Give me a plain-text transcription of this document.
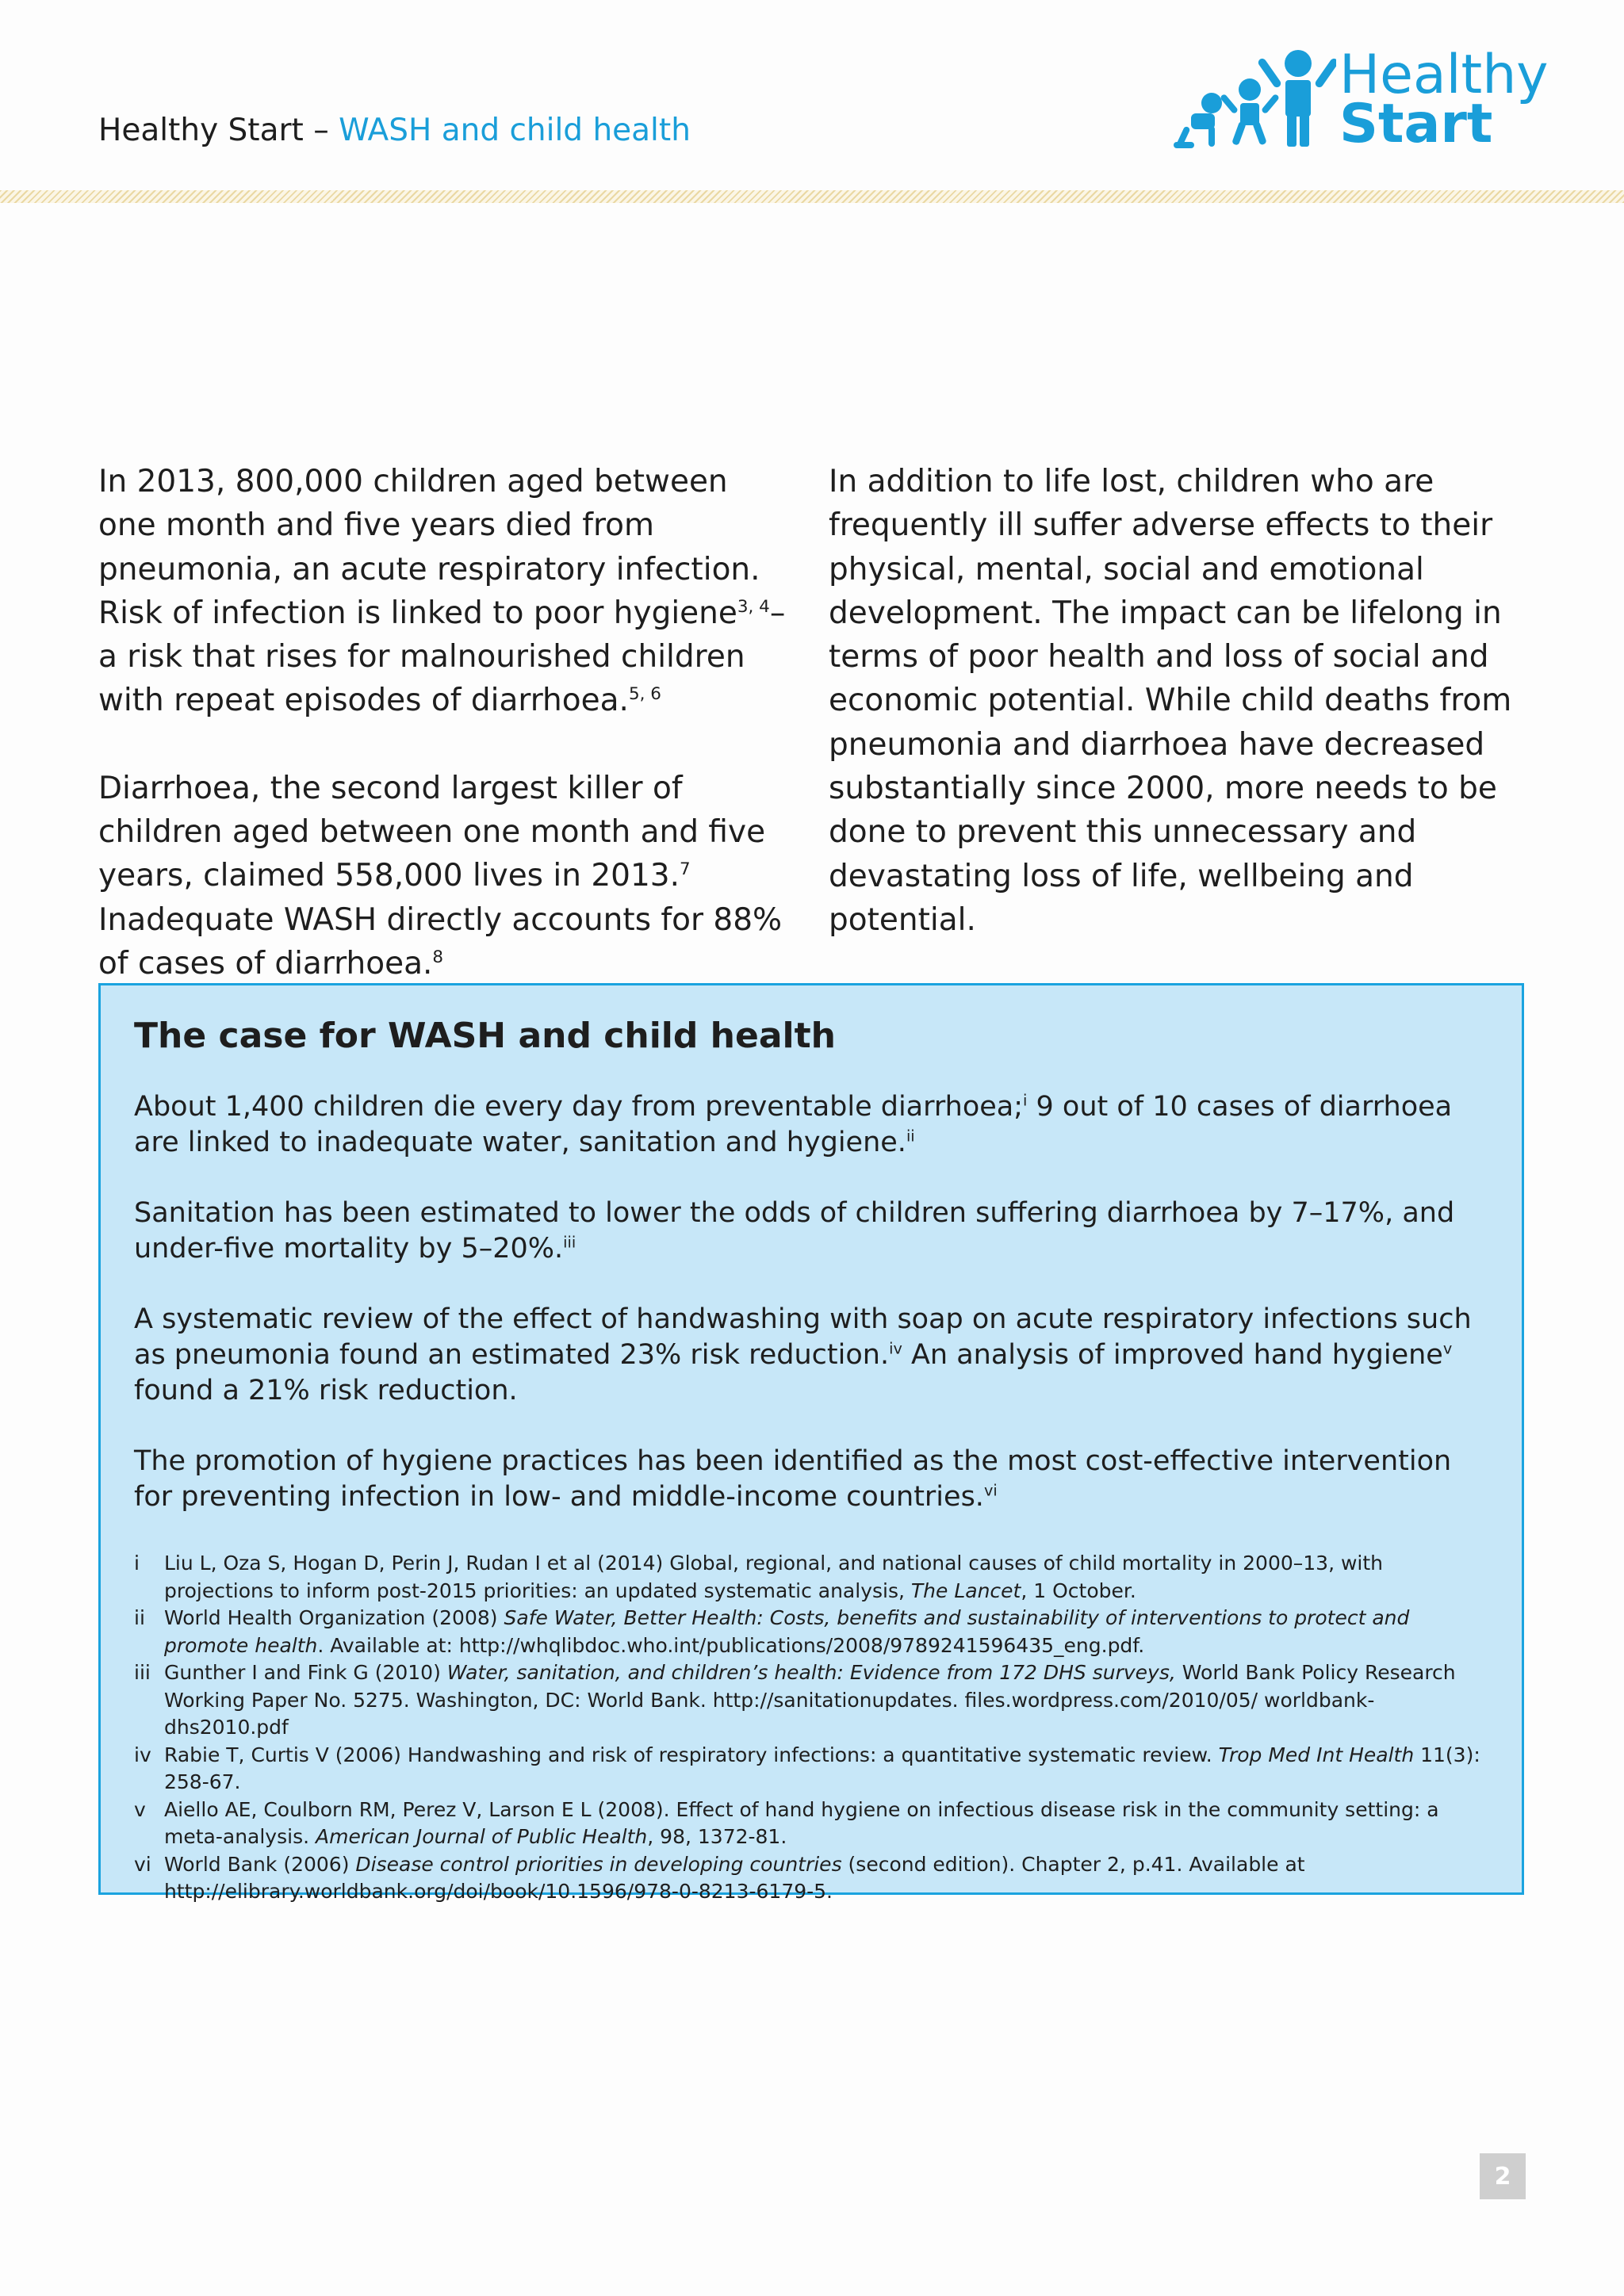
Healthy Start – WASH and child health
Healthy
Start

In 2013, 800,000 children aged between one month and five years died from pneumonia, an acute respiratory infection. Risk of infection is linked to poor hygiene$^{3, 4}$– a risk that rises for malnourished children with repeat episodes of diarrhoea.$^{5, 6}$

Diarrhoea, the second largest killer of children aged between one month and five years, claimed 558,000 lives in 2013.$^7$ Inadequate WASH directly accounts for 88% of cases of diarrhoea.$^8$

In addition to life lost, children who are frequently ill suffer adverse effects to their physical, mental, social and emotional development. The impact can be lifelong in terms of poor health and loss of social and economic potential. While child deaths from pneumonia and diarrhoea have decreased substantially since 2000, more needs to be done to prevent this unnecessary and devastating loss of life, wellbeing and potential.

The case for WASH and child health

About 1,400 children die every day from preventable diarrhoea;$^i$ 9 out of 10 cases of diarrhoea are linked to inadequate water, sanitation and hygiene.$^{ii}$

Sanitation has been estimated to lower the odds of children suffering diarrhoea by 7–17%, and under-five mortality by 5–20%.$^{iii}$

A systematic review of the effect of handwashing with soap on acute respiratory infections such as pneumonia found an estimated 23% risk reduction.$^{iv}$ An analysis of improved hand hygiene$^v$ found a 21% risk reduction.

The promotion of hygiene practices has been identified as the most cost-effective intervention for preventing infection in low- and middle-income countries.$^{vi}$

i Liu L, Oza S, Hogan D, Perin J, Rudan I et al (2014) Global, regional, and national causes of child mortality in 2000–13, with projections to inform post-2015 priorities: an updated systematic analysis, The Lancet, 1 October.
ii World Health Organization (2008) Safe Water, Better Health: Costs, benefits and sustainability of interventions to protect and promote health. Available at: http://whqlibdoc.who.int/publications/2008/9789241596435_eng.pdf.
iii Gunther I and Fink G (2010) Water, sanitation, and children’s health: Evidence from 172 DHS surveys, World Bank Policy Research Working Paper No. 5275. Washington, DC: World Bank. http://sanitationupdates. files.wordpress.com/2010/05/ worldbank-dhs2010.pdf
iv Rabie T, Curtis V (2006) Handwashing and risk of respiratory infections: a quantitative systematic review. Trop Med Int Health 11(3): 258-67.
v Aiello AE, Coulborn RM, Perez V, Larson E L (2008). Effect of hand hygiene on infectious disease risk in the community setting: a meta-analysis. American Journal of Public Health, 98, 1372-81.
vi World Bank (2006) Disease control priorities in developing countries (second edition). Chapter 2, p.41. Available at http://elibrary.worldbank.org/doi/book/10.1596/978-0-8213-6179-5.
2
